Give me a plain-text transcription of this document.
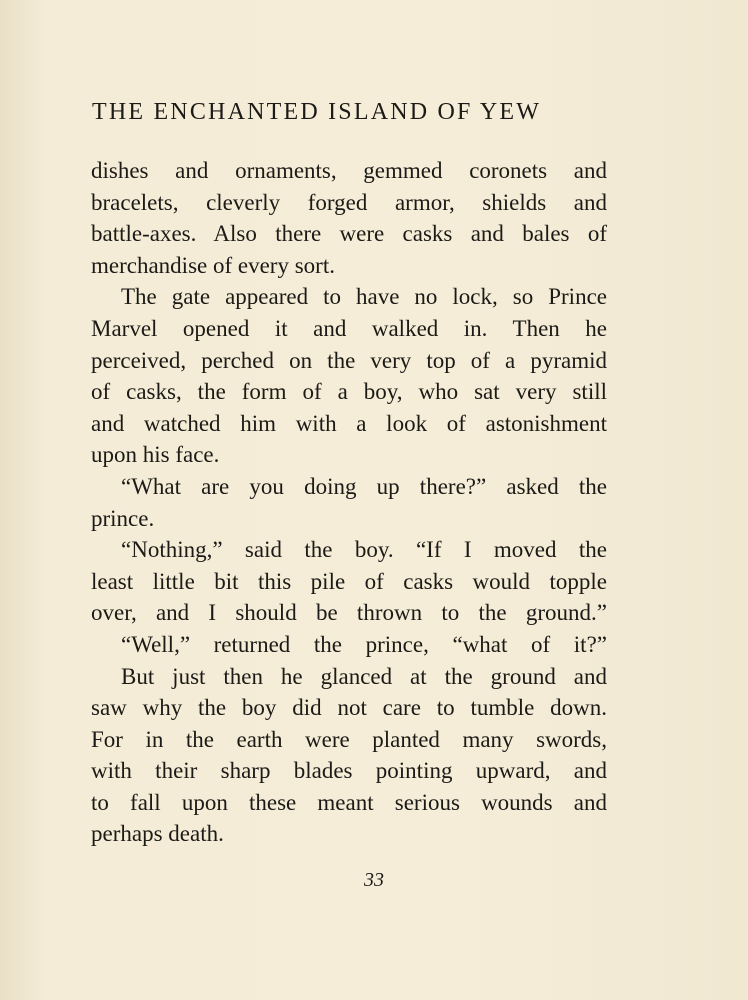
THE ENCHANTED ISLAND OF YEW
dishes and ornaments, gemmed coronets and
bracelets, cleverly forged armor, shields and
battle-axes. Also there were casks and bales of
merchandise of every sort.
The gate appeared to have no lock, so Prince
Marvel opened it and walked in. Then he
perceived, perched on the very top of a pyramid
of casks, the form of a boy, who sat very still
and watched him with a look of astonishment
upon his face.
“What are you doing up there?” asked the
prince.
“Nothing,” said the boy. “If I moved the
least little bit this pile of casks would topple
over, and I should be thrown to the ground.”
“Well,” returned the prince, “what of it?”
But just then he glanced at the ground and
saw why the boy did not care to tumble down.
For in the earth were planted many swords,
with their sharp blades pointing upward, and
to fall upon these meant serious wounds and
perhaps death.
33
